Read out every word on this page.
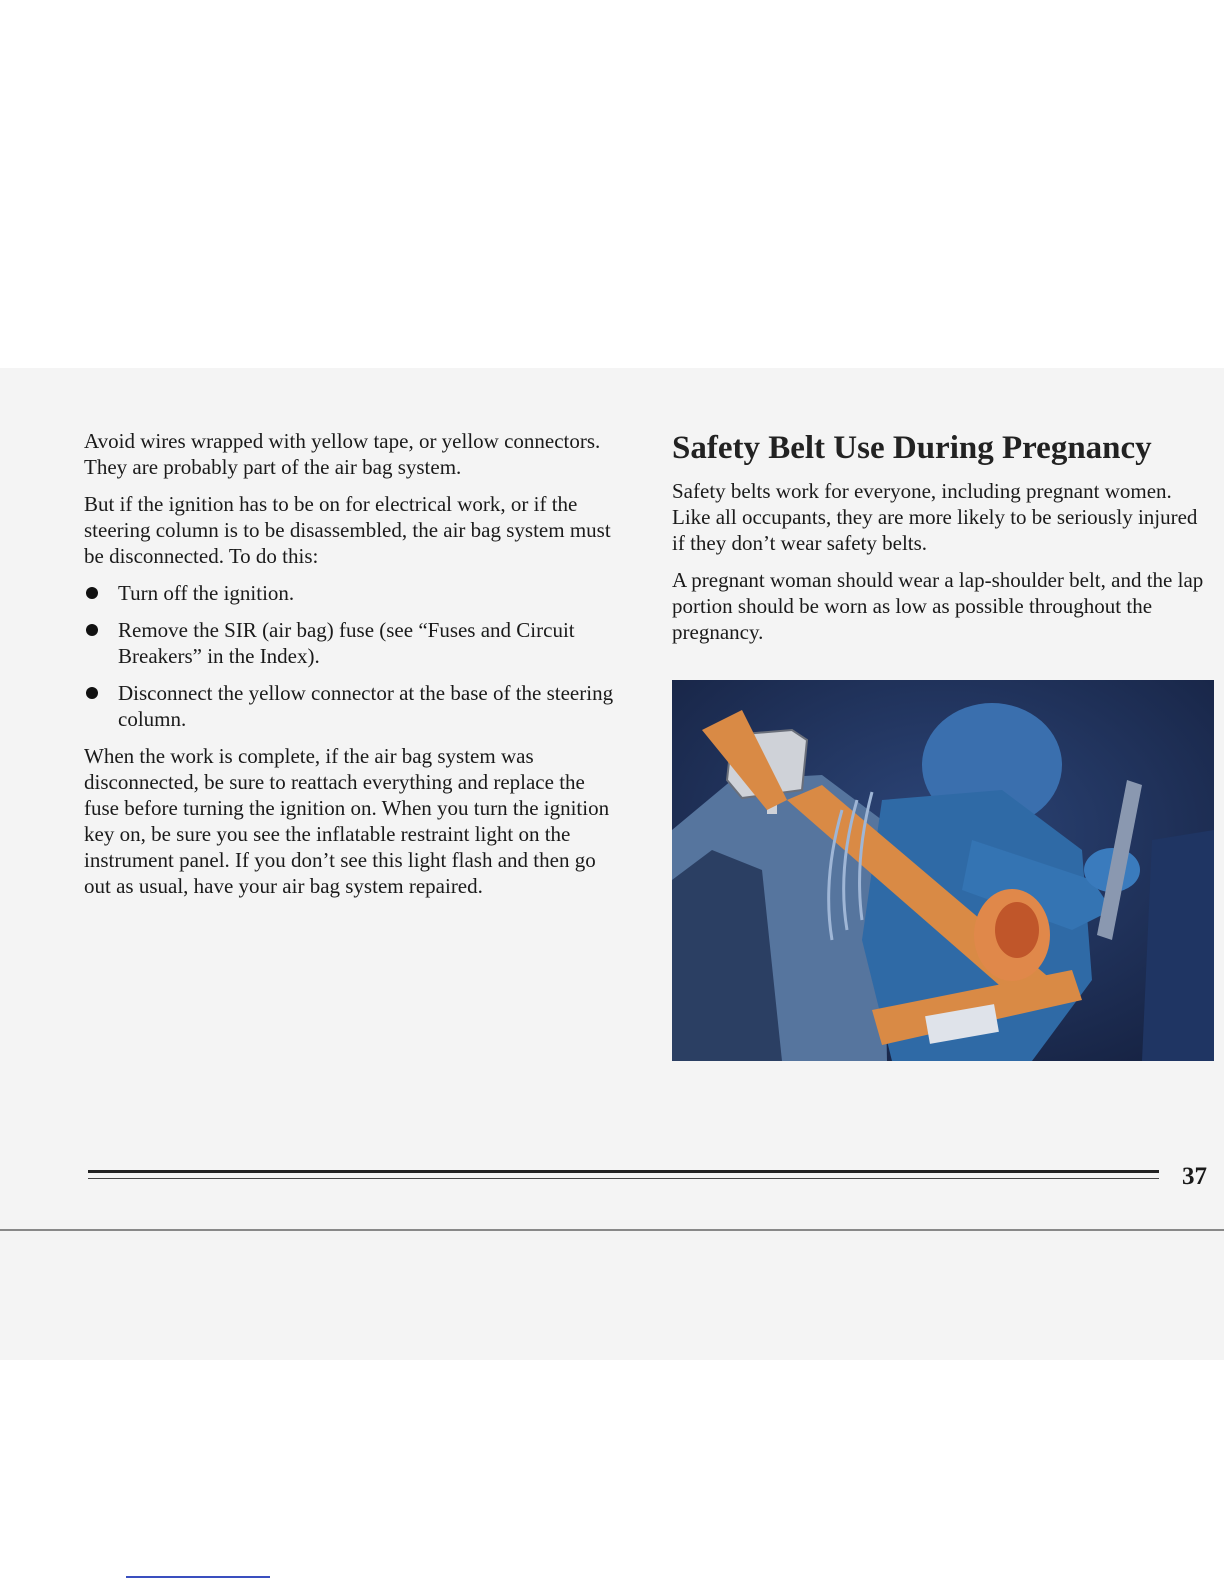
Avoid wires wrapped with yellow tape, or yellow connectors. They are probably part of the air bag system.

But if the ignition has to be on for electrical work, or if the steering column is to be disassembled, the air bag system must be disconnected. To do this:

Turn off the ignition.
Remove the SIR (air bag) fuse (see “Fuses and Circuit Breakers” in the Index).
Disconnect the yellow connector at the base of the steering column.

When the work is complete, if the air bag system was disconnected, be sure to reattach everything and replace the fuse before turning the ignition on. When you turn the ignition key on, be sure you see the inflatable restraint light on the instrument panel. If you don’t see this light flash and then go out as usual, have your air bag system repaired.

Safety Belt Use During Pregnancy

Safety belts work for everyone, including pregnant women. Like all occupants, they are more likely to be seriously injured if they don’t wear safety belts.

A pregnant woman should wear a lap-shoulder belt, and the lap portion should be worn as low as possible throughout the pregnancy.

37
